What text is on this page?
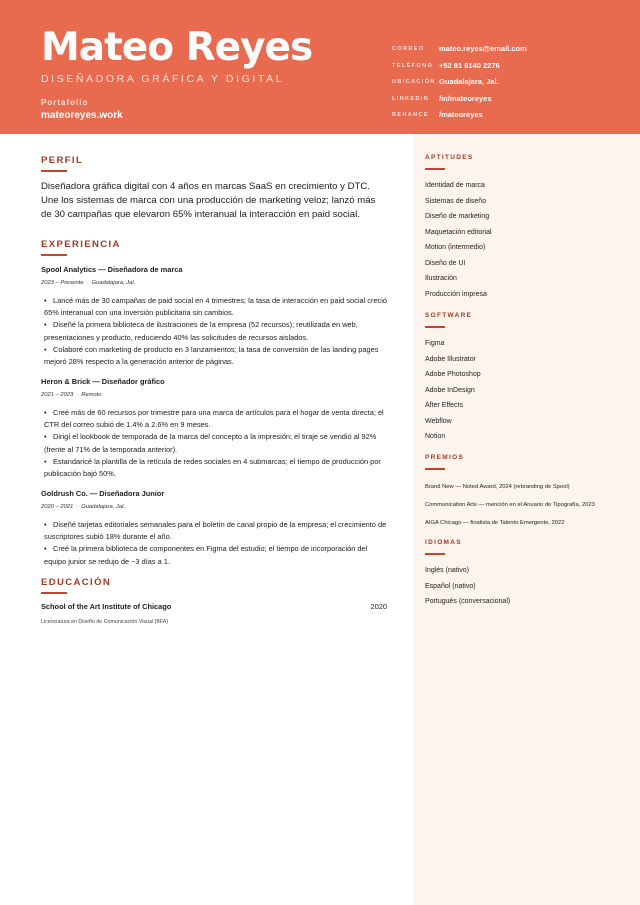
Mateo Reyes
DISEÑADORA GRÁFICA Y DIGITAL
Portafolio
mateoreyes.work
CORREO mateo.reyes@email.com
TELÉFONO +52 81 8140 2276
UBICACIÓN Guadalajara, Jal.
LINKEDIN /in/mateoreyes
BEHANCE /mateoreyes
PERFIL
Diseñadora gráfica digital con 4 años en marcas SaaS en crecimiento y DTC. Une los sistemas de marca con una producción de marketing veloz; lanzó más de 30 campañas que elevaron 65% interanual la interacción en paid social.
EXPERIENCIA
Spool Analytics — Diseñadora de marca
2023 – Presente · Guadalajara, Jal.
• Lancé más de 30 campañas de paid social en 4 trimestres; la tasa de interacción en paid social creció 65% interanual con una inversión publicitaria sin cambios.
• Diseñé la primera biblioteca de ilustraciones de la empresa (52 recursos); reutilizada en web, presentaciones y producto, reduciendo 40% las solicitudes de recursos aislados.
• Colaboré con marketing de producto en 3 lanzamientos; la tasa de conversión de las landing pages mejoró 28% respecto a la generación anterior de páginas.
Heron & Brick — Diseñador gráfico
2021 – 2023 · Remoto
• Creé más de 60 recursos por trimestre para una marca de artículos para el hogar de venta directa; el CTR del correo subió de 1.4% a 2.6% en 9 meses.
• Dirigí el lookbook de temporada de la marca del concepto a la impresión; el tiraje se vendió al 92% (frente al 71% de la temporada anterior).
• Estandaricé la plantilla de la retícula de redes sociales en 4 submarcas; el tiempo de producción por publicación bajó 50%.
Goldrush Co. — Diseñadora Junior
2020 – 2021 · Guadalajara, Jal.
• Diseñé tarjetas editoriales semanales para el boletín de canal propio de la empresa; el crecimiento de suscriptores subió 18% durante el año.
• Creé la primera biblioteca de componentes en Figma del estudio; el tiempo de incorporación del equipo junior se redujo de ~3 días a 1.
EDUCACIÓN
School of the Art Institute of Chicago	2020
Licenciatura en Diseño de Comunicación Visual (BFA)
APTITUDES
Identidad de marca
Sistemas de diseño
Diseño de marketing
Maquetación editorial
Motion (intermedio)
Diseño de UI
Ilustración
Producción impresa
SOFTWARE
Figma
Adobe Illustrator
Adobe Photoshop
Adobe InDesign
After Effects
Webflow
Notion
PREMIOS
Brand New — Noted Award, 2024 (rebranding de Spool)
Communication Arts — mención en el Anuario de Tipografía, 2023
AIGA Chicago — finalista de Talento Emergente, 2022
IDIOMAS
Inglés (nativo)
Español (nativo)
Portugués (conversacional)
